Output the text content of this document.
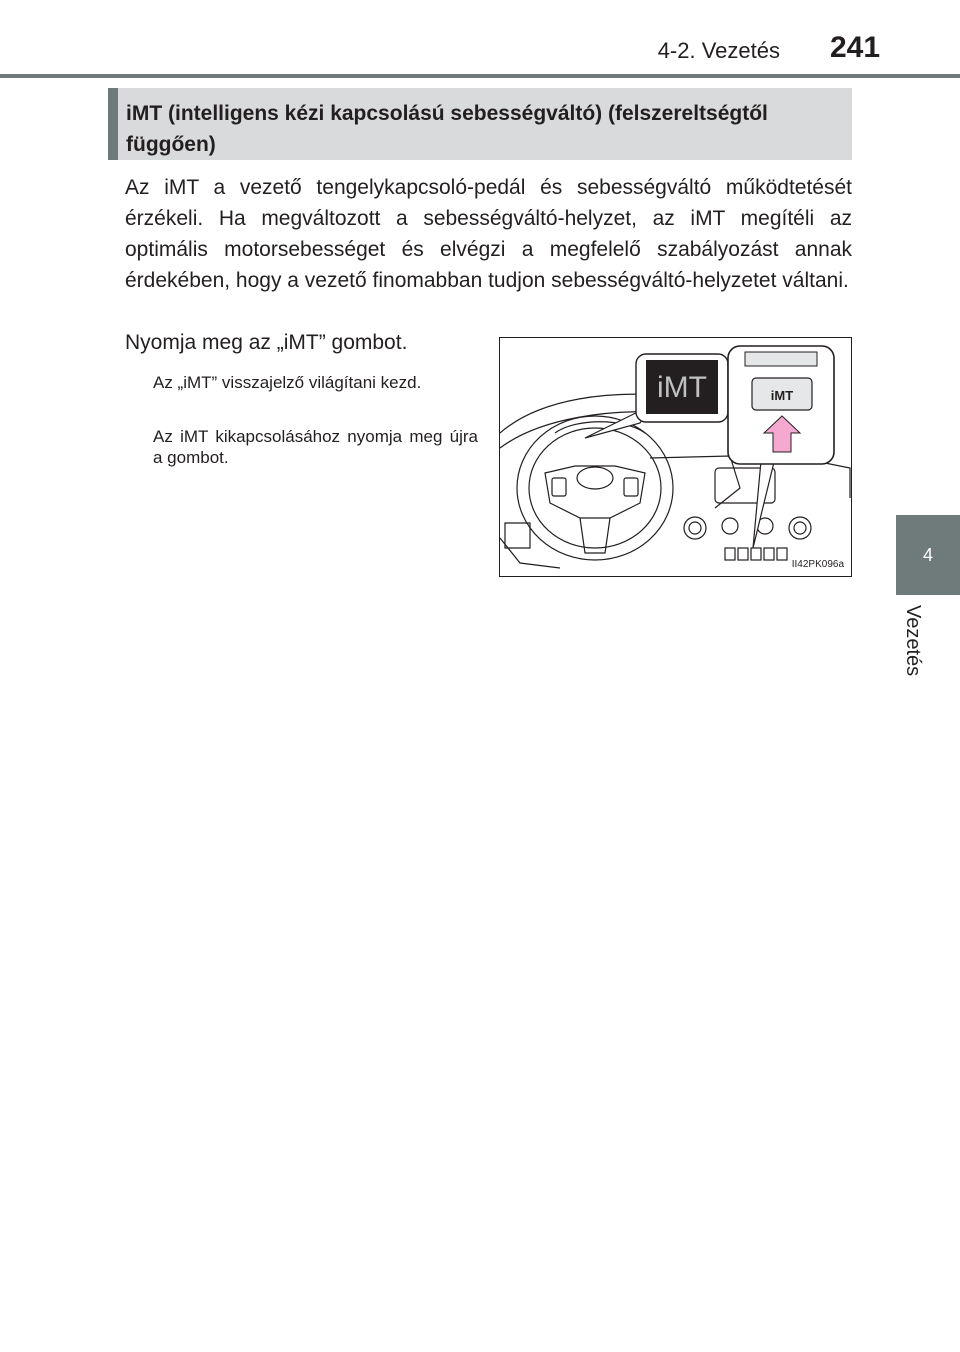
4-2. Vezetés	241
4
Vezetés
iMT (intelligens kézi kapcsolású sebességváltó) (felszereltségtől függően)

Az iMT a vezető tengelykapcsoló-pedál és sebességváltó működtetését érzékeli. Ha megváltozott a sebességváltó-helyzet, az iMT megítéli az optimális motorsebességet és elvégzi a megfelelő szabályozást annak érdekében, hogy a vezető finomabban tudjon sebességváltó-helyzetet váltani.

Nyomja meg az „iMT” gombot.

Az „iMT” visszajelző világítani kezd.

Az iMT kikapcsolásához nyomja meg újra a gombot.

iMT	iMT
II42PK096a
